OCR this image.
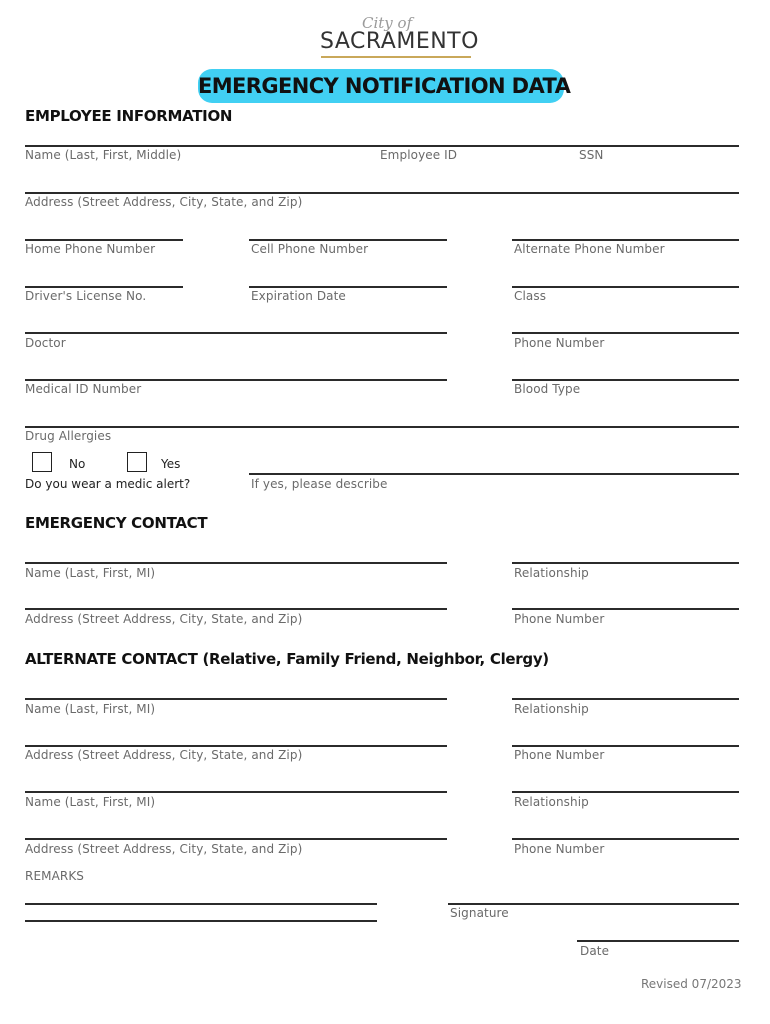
City of
SACRAMENTO
EMERGENCY NOTIFICATION DATA
EMPLOYEE INFORMATION
Name (Last, First, Middle)	Employee ID	SSN
Address (Street Address, City, State, and Zip)
Home Phone Number	Cell Phone Number	Alternate Phone Number
Driver's License No.	Expiration Date	Class
Doctor	Phone Number
Medical ID Number	Blood Type
Drug Allergies
No	Yes
Do you wear a medic alert?	If yes, please describe
EMERGENCY CONTACT
Name (Last, First, MI)	Relationship
Address (Street Address, City, State, and Zip)	Phone Number
ALTERNATE CONTACT (Relative, Family Friend, Neighbor, Clergy)
Name (Last, First, MI)	Relationship
Address (Street Address, City, State, and Zip)	Phone Number
Name (Last, First, MI)	Relationship
Address (Street Address, City, State, and Zip)	Phone Number
REMARKS
Signature
Date
Revised 07/2023
